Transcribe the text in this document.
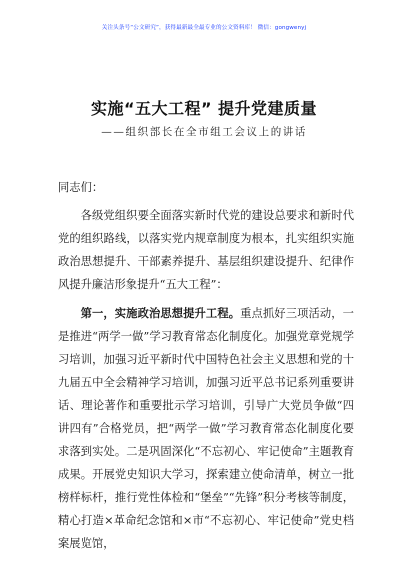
关注头条号“公文研究”，获得最新最全最专业的公文资料库！ 微信：gongwenyj
实施“五大工程” 提升党建质量
——组织部长在全市组工会议上的讲话

同志们：

各级党组织要全面落实新时代党的建设总要求和新时代党的组织路线，以落实党内规章制度为根本，扎实组织实施政治思想提升、干部素养提升、基层组织建设提升、纪律作风提升廉洁形象提升“五大工程”：

第一，实施政治思想提升工程。重点抓好三项活动，一是推进“两学一做”学习教育常态化制度化。加强党章党规学习培训，加强习近平新时代中国特色社会主义思想和党的十九届五中全会精神学习培训，加强习近平总书记系列重要讲话、理论著作和重要批示学习培训，引导广大党员争做“四讲四有”合格党员，把“两学一做”学习教育常态化制度化要求落到实处。二是巩固深化“不忘初心、牢记使命”主题教育成果。开展党史知识大学习，探索建立使命清单，树立一批榜样标杆，推行党性体检和“堡垒”“先锋”积分考核等制度，精心打造×革命纪念馆和×市“不忘初心、牢记使命”党史档案展览馆，
